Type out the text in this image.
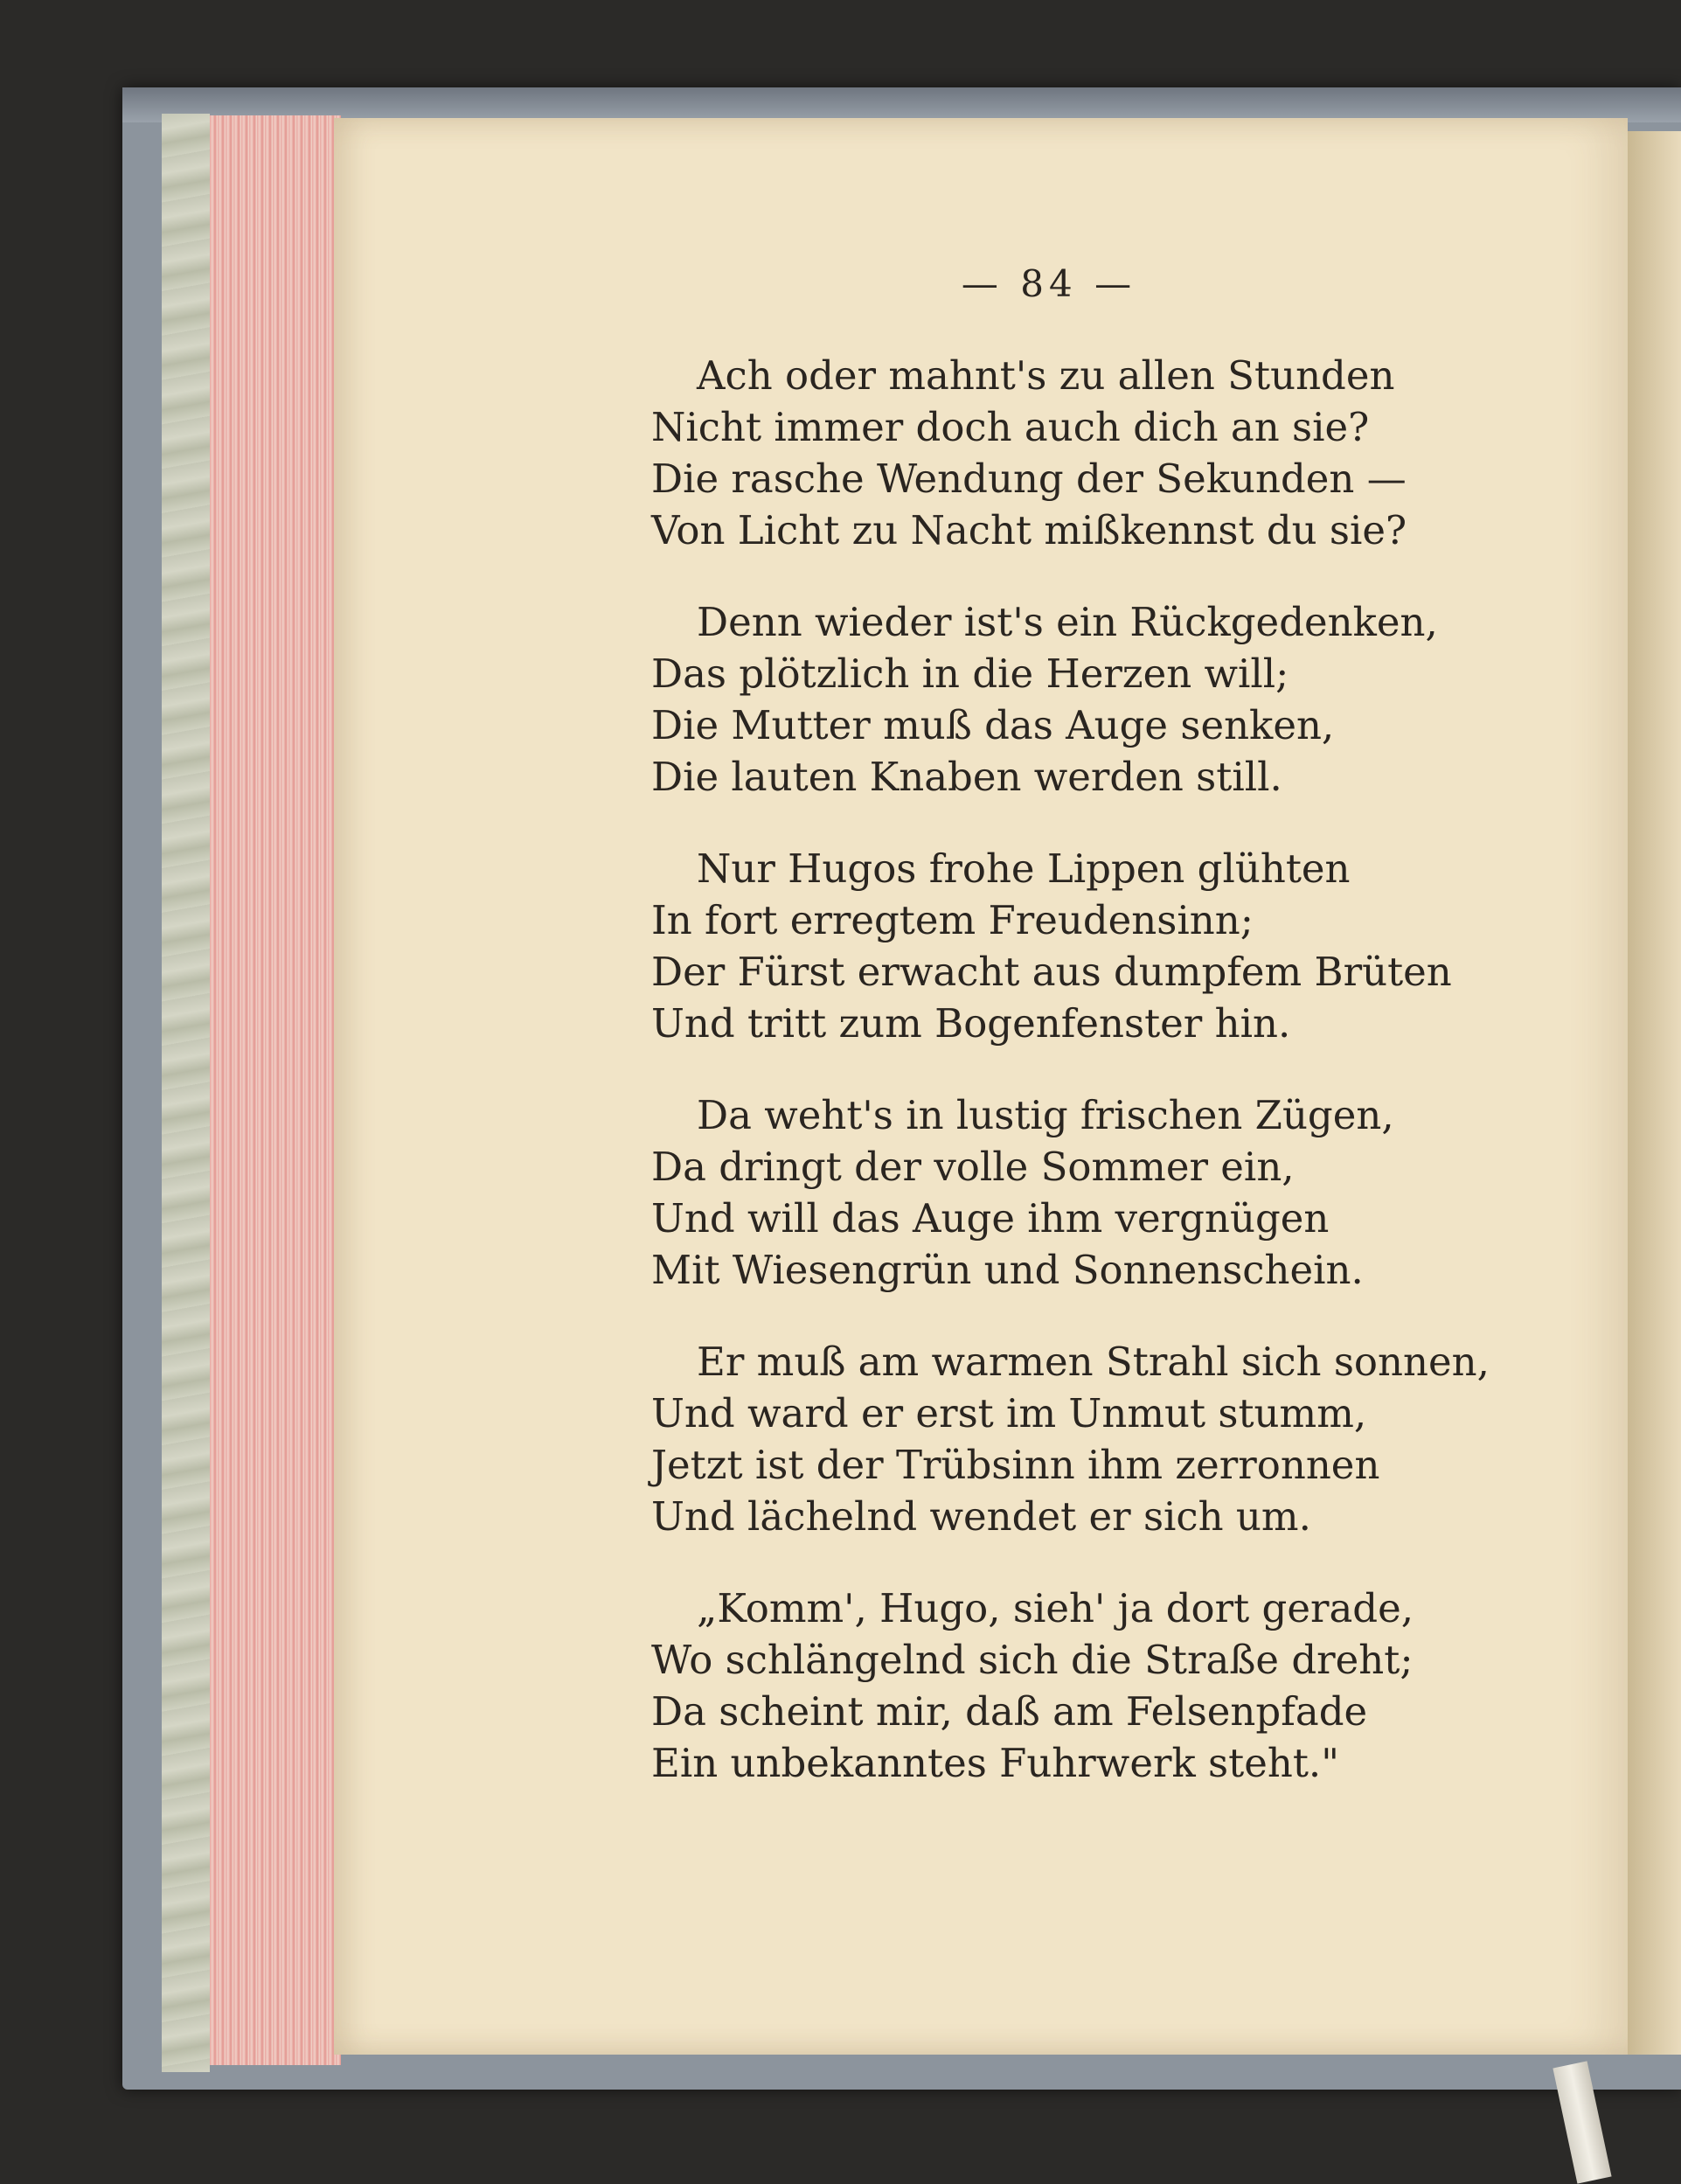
— 84 —
Ach oder mahnt's zu allen Stunden
Nicht immer doch auch dich an sie?
Die rasche Wendung der Sekunden —
Von Licht zu Nacht mißkennst du sie?
Denn wieder ist's ein Rückgedenken,
Das plötzlich in die Herzen will;
Die Mutter muß das Auge senken,
Die lauten Knaben werden still.
Nur Hugos frohe Lippen glühten
In fort erregtem Freudensinn;
Der Fürst erwacht aus dumpfem Brüten
Und tritt zum Bogenfenster hin.
Da weht's in lustig frischen Zügen,
Da dringt der volle Sommer ein,
Und will das Auge ihm vergnügen
Mit Wiesengrün und Sonnenschein.
Er muß am warmen Strahl sich sonnen,
Und ward er erst im Unmut stumm,
Jetzt ist der Trübsinn ihm zerronnen
Und lächelnd wendet er sich um.
„Komm', Hugo, sieh' ja dort gerade,
Wo schlängelnd sich die Straße dreht;
Da scheint mir, daß am Felsenpfade
Ein unbekanntes Fuhrwerk steht."
